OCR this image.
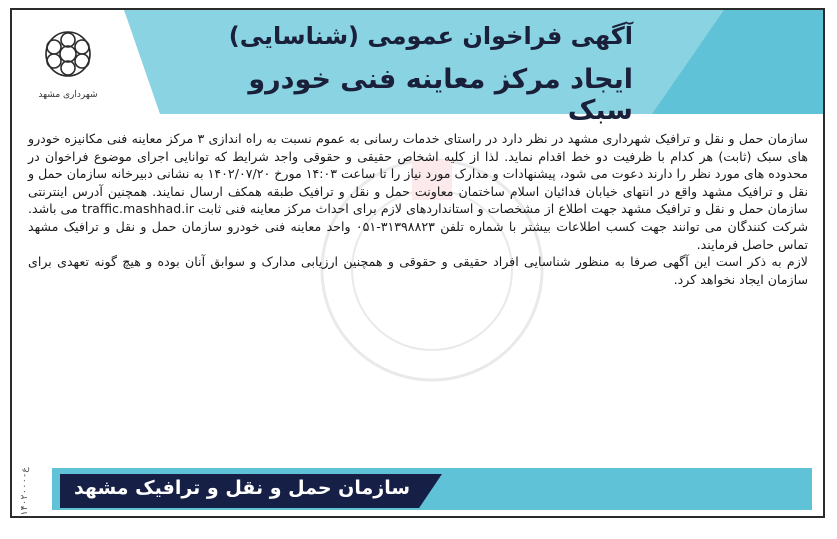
شهرداری مشهد
آگهی فراخوان عمومی (شناسایی)
ایجاد مرکز معاینه فنی خودرو سبک

سازمان حمل و نقل و ترافیک شهرداری مشهد در نظر دارد در راستای خدمات رسانی به عموم نسبت به راه اندازی ۳ مرکز معاینه فنی مکانیزه خودرو های سبک (ثابت) هر کدام با ظرفیت دو خط اقدام نماید. لذا از کلیه اشخاص حقیقی و حقوقی واجد شرایط که توانایی اجرای موضوع فراخوان در محدوده های مورد نظر را دارند دعوت می شود، پیشنهادات و مدارک مورد نیاز را تا ساعت ۱۴:۰۳ مورخ ۱۴۰۲/۰۷/۲۰ به نشانی دبیرخانه سازمان حمل و نقل و ترافیک مشهد واقع در انتهای خیابان فدائیان اسلام ساختمان معاونت حمل و نقل و ترافیک طبقه همکف ارسال نمایند. همچنین آدرس اینترنتی سازمان حمل و نقل و ترافیک مشهد جهت اطلاع از مشخصات و استانداردهای لازم برای احداث مرکز معاینه فنی ثابت traffic.mashhad.ir می باشد. شرکت کنندگان می توانند جهت کسب اطلاعات بیشتر با شماره تلفن ۳۱۳۹۸۸۲۳-۰۵۱ واحد معاینه فنی خودرو سازمان حمل و نقل و ترافیک مشهد تماس حاصل فرمایند.

لازم به ذکر است این آگهی صرفا به منظور شناسایی افراد حقیقی و حقوقی و همچنین ارزیابی مدارک و سوابق آنان بوده و هیچ گونه تعهدی برای سازمان ایجاد نخواهد کرد.

سازمان حمل و نقل و ترافیک مشهد
ع-۱۴۰۲۰۰۰
